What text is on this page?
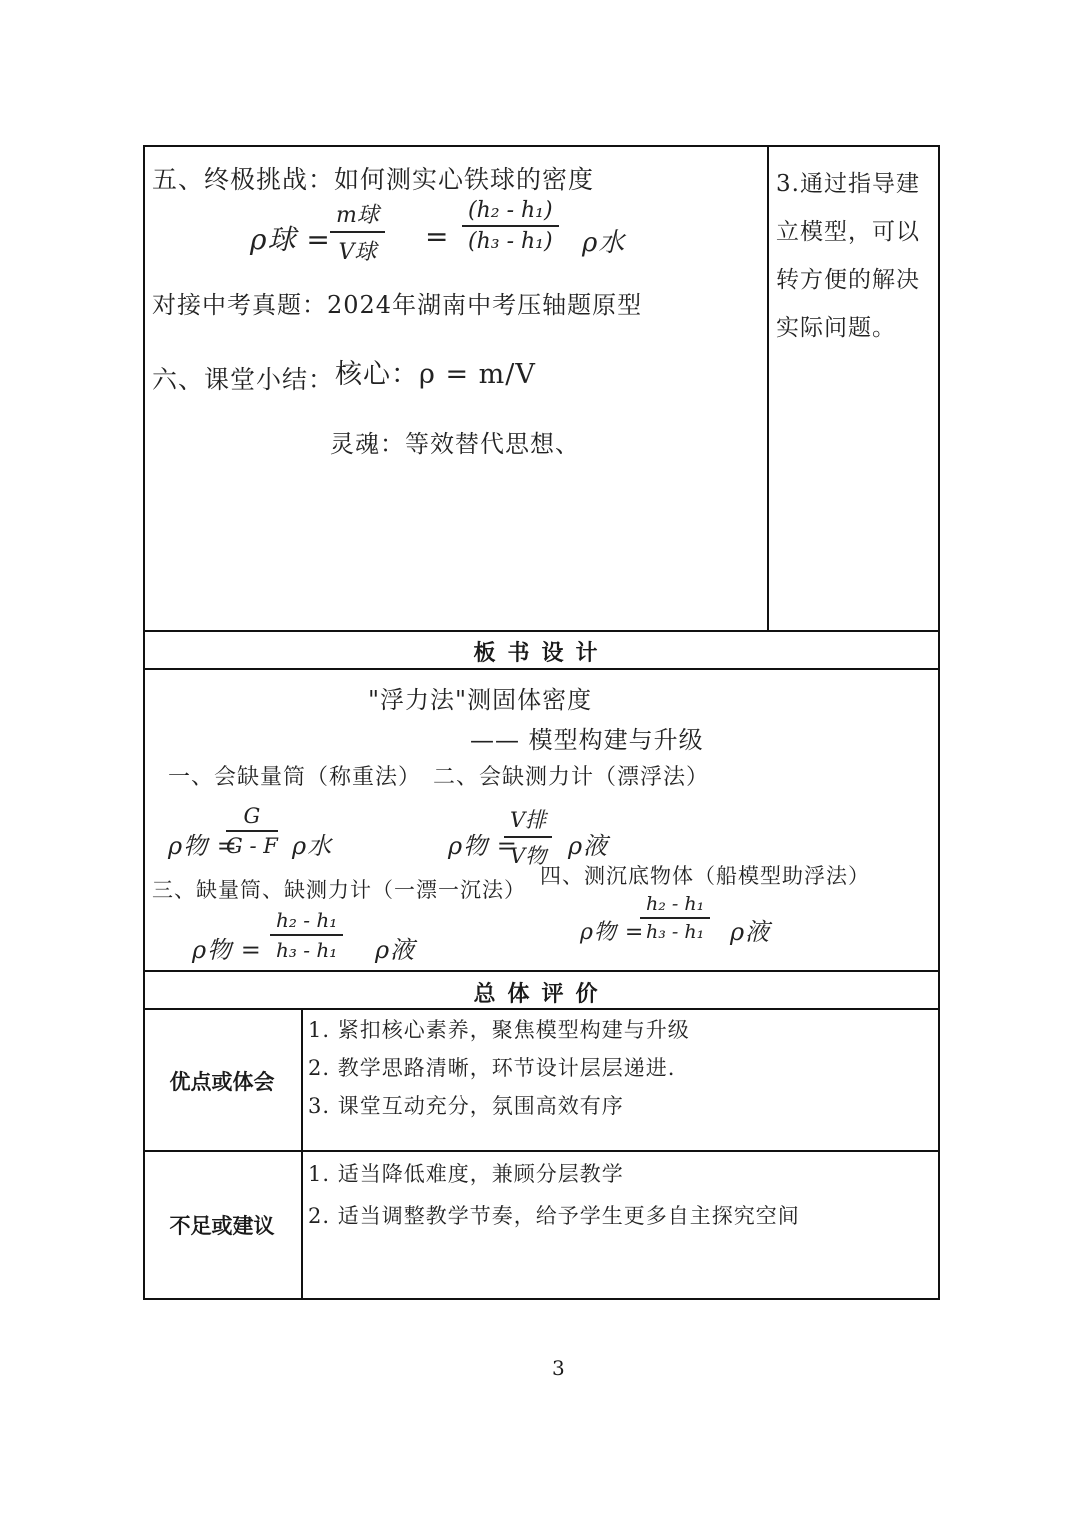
五、终极挑战：如何测实心铁球的密度
ρ球 =
m球
V球	= $\frac{\text{(h₂ - h₁)}}{\text{(h₃ - h₁)}}$ ρ水
对接中考真题：2024年湖南中考压轴题原型
六、课堂小结： 核心：ρ = m/V
灵魂：等效替代思想、
3.通过指导建立模型，可以转方便的解决实际问题。
板书设计
"浮力法"测固体密度
—— 模型构建与升级
一、会缺量筒（称重法） 二、会缺测力计（漂浮法）
ρ物 =
$\frac{G}{G - F}$ ρ水	ρ物 =
V排
V物 ρ液
三、缺量筒、缺测力计（一漂一沉法）
四、测沉底物体（船模型助浮法）
ρ物 = $\frac{\text{h₂ - h₁}}{\text{h₃ - h₁}}$ ρ液
ρ物 =
$\frac{\text{h₂ - h₁}}{\text{h₃ - h₁}}$ ρ液
总体评价
优点或体会
1. 紧扣核心素养，聚焦模型构建与升级
2. 教学思路清晰，环节设计层层递进.
3. 课堂互动充分，氛围高效有序
不足或建议
1. 适当降低难度，兼顾分层教学
2. 适当调整教学节奏，给予学生更多自主探究空间
3
